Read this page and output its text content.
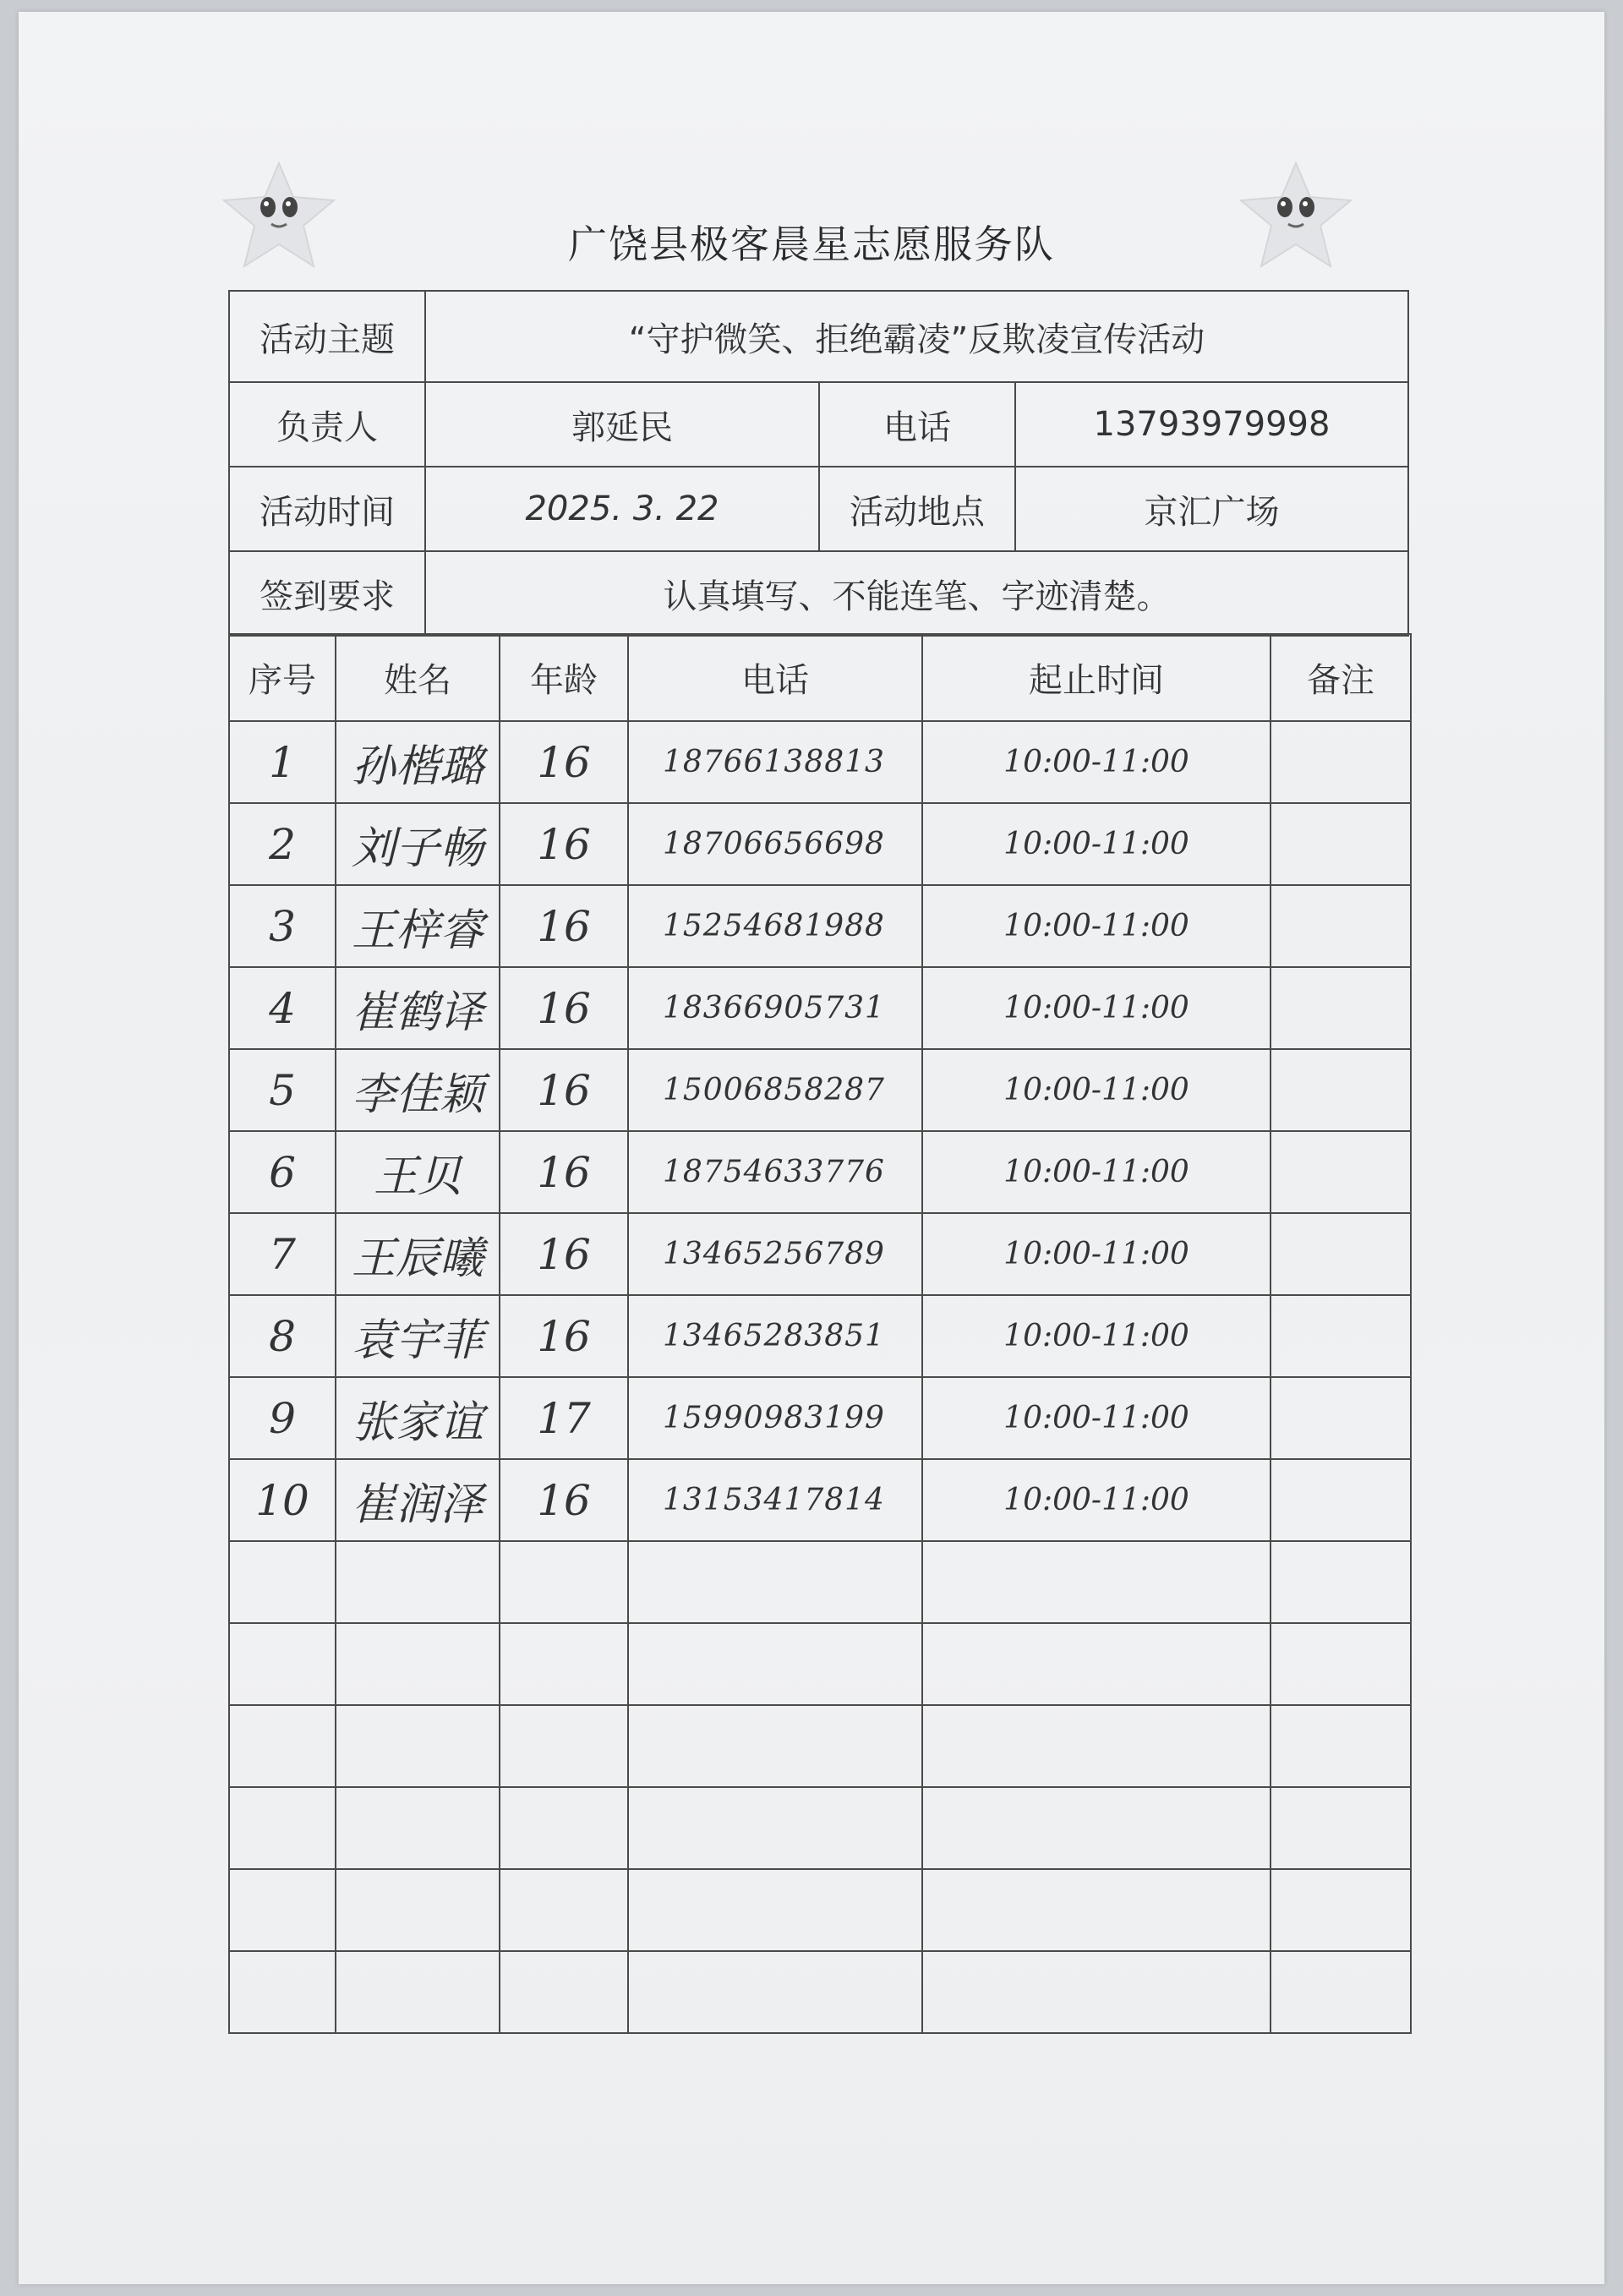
广饶县极客晨星志愿服务队
活动主题	“守护微笑、拒绝霸凌”反欺凌宣传活动		
负责人	郭延民	电话	13793979998
活动时间	2025. 3. 22	活动地点	京汇广场
签到要求	认真填写、不能连笔、字迹清楚。		
序号	姓名	年龄	电话	起止时间	备注
1	孙楷璐	16	18766138813	10:00-11:00	
2	刘子畅	16	18706656698	10:00-11:00	
3	王梓睿	16	15254681988	10:00-11:00	
4	崔鹤译	16	18366905731	10:00-11:00	
5	李佳颖	16	15006858287	10:00-11:00	
6	王贝	16	18754633776	10:00-11:00	
7	王辰曦	16	13465256789	10:00-11:00	
8	袁宇菲	16	13465283851	10:00-11:00	
9	张家谊	17	15990983199	10:00-11:00	
10	崔润泽	16	13153417814	10:00-11:00	
